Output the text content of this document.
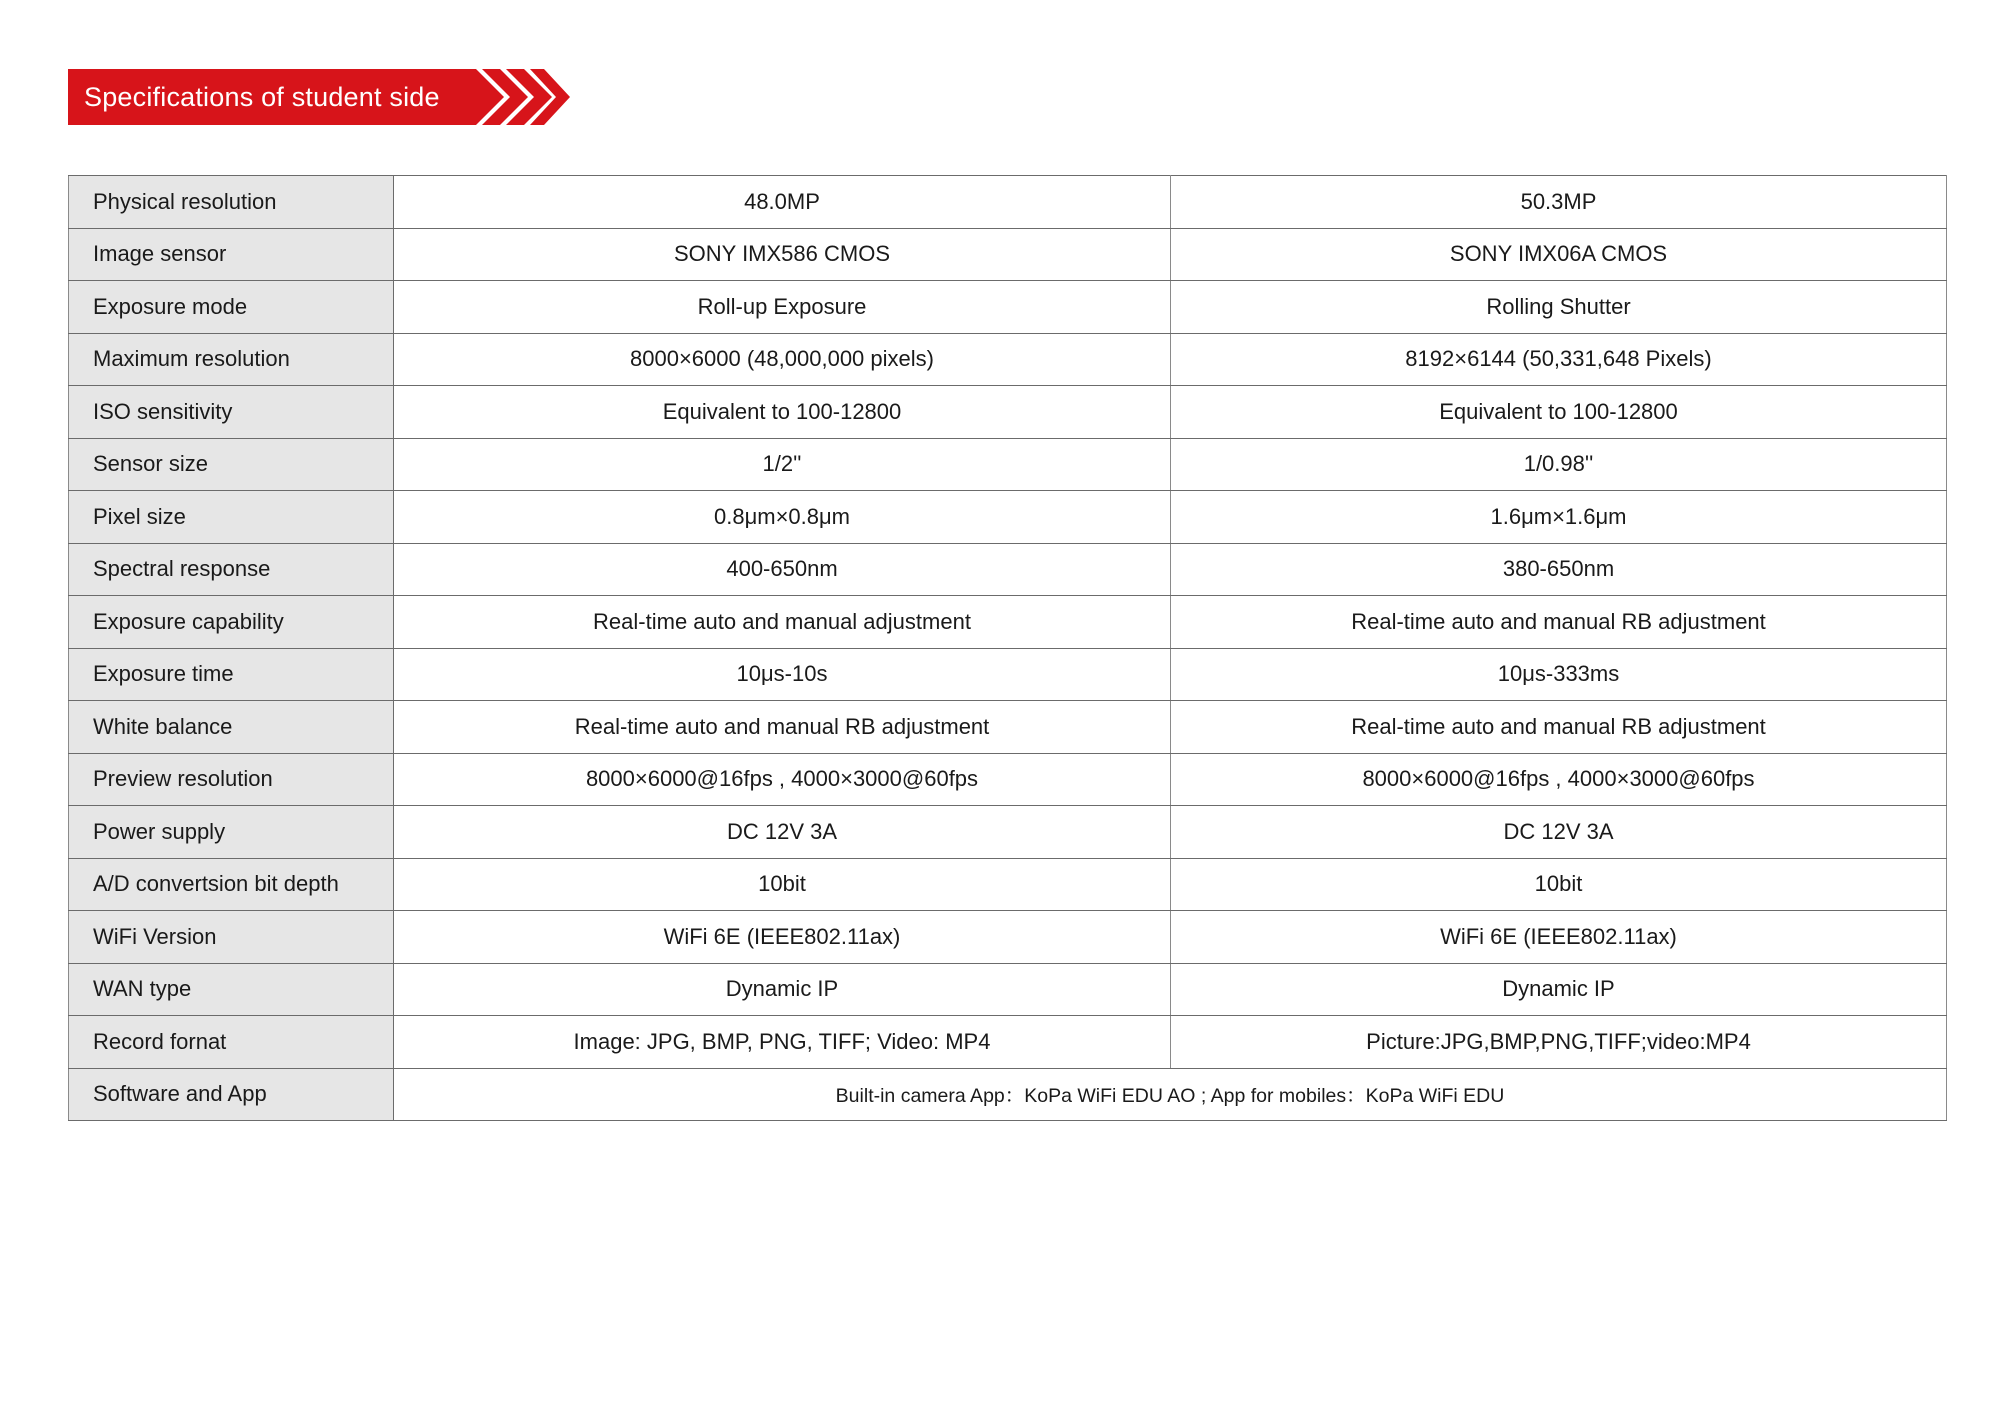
Specifications of student side
Physical resolution	48.0MP	50.3MP
Image sensor	SONY IMX586 CMOS	SONY IMX06A CMOS
Exposure mode	Roll-up Exposure	Rolling Shutter
Maximum resolution	8000×6000 (48,000,000 pixels)	8192×6144 (50,331,648 Pixels)
ISO sensitivity	Equivalent to 100-12800	Equivalent to 100-12800
Sensor size	1/2''	1/0.98''
Pixel size	0.8μm×0.8μm	1.6μm×1.6μm
Spectral response	400-650nm	380-650nm
Exposure capability	Real-time auto and manual adjustment	Real-time auto and manual RB adjustment
Exposure time	10μs-10s	10μs-333ms
White balance	Real-time auto and manual RB adjustment	Real-time auto and manual RB adjustment
Preview resolution	8000×6000@16fps , 4000×3000@60fps	8000×6000@16fps , 4000×3000@60fps
Power supply	DC 12V 3A	DC 12V 3A
A/D convertsion bit depth	10bit	10bit
WiFi Version	WiFi 6E (IEEE802.11ax)	WiFi 6E (IEEE802.11ax)
WAN type	Dynamic IP	Dynamic IP
Record fornat	Image: JPG, BMP, PNG, TIFF; Video: MP4	Picture:JPG,BMP,PNG,TIFF;video:MP4
Software and App	Built-in camera App：KoPa WiFi EDU AO ; App for mobiles：KoPa WiFi EDU	
